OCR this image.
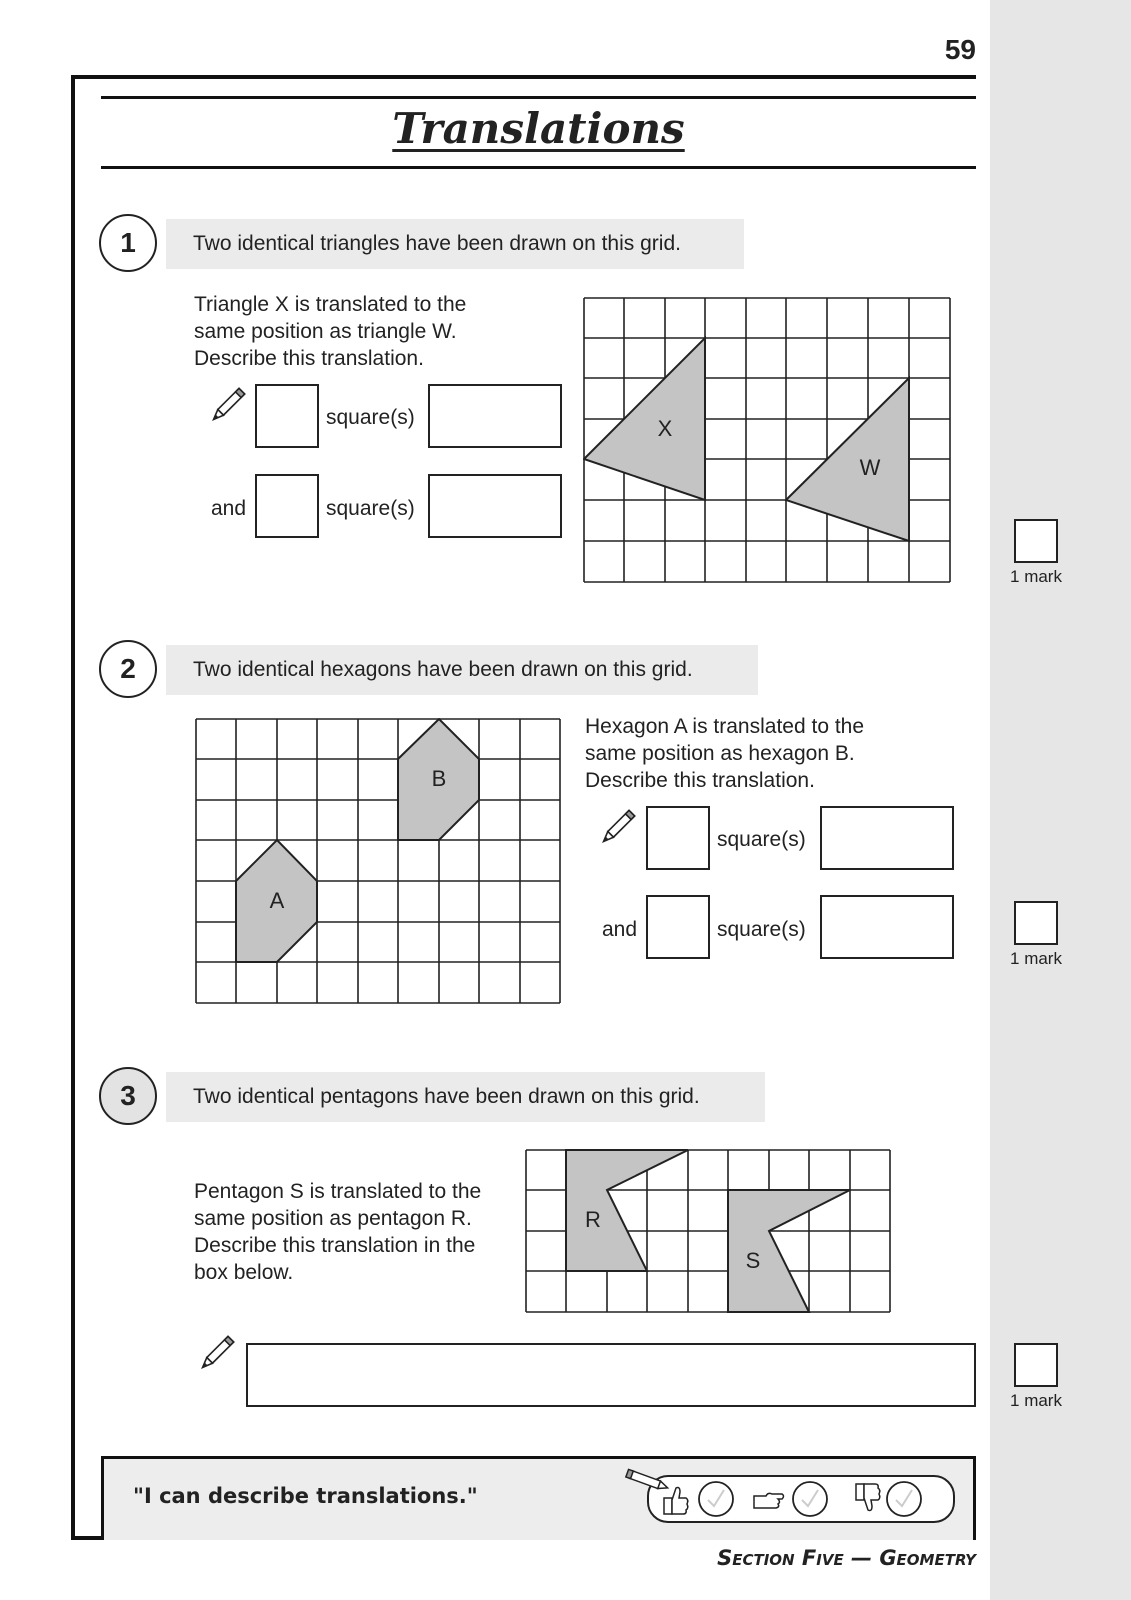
59
Translations
1	Two identical triangles have been drawn on this grid.
Triangle X is translated to the
same position as triangle W.
Describe this translation.
square(s)
and	square(s)
X
W
1 mark
2	Two identical hexagons have been drawn on this grid.
A
B
Hexagon A is translated to the
same position as hexagon B.
Describe this translation.
square(s)
and	square(s)
1 mark
3	Two identical pentagons have been drawn on this grid.
Pentagon S is translated to the
same position as pentagon R.
Describe this translation in the
box below.
R
S
1 mark
"I can describe translations."
Section Five — Geometry
